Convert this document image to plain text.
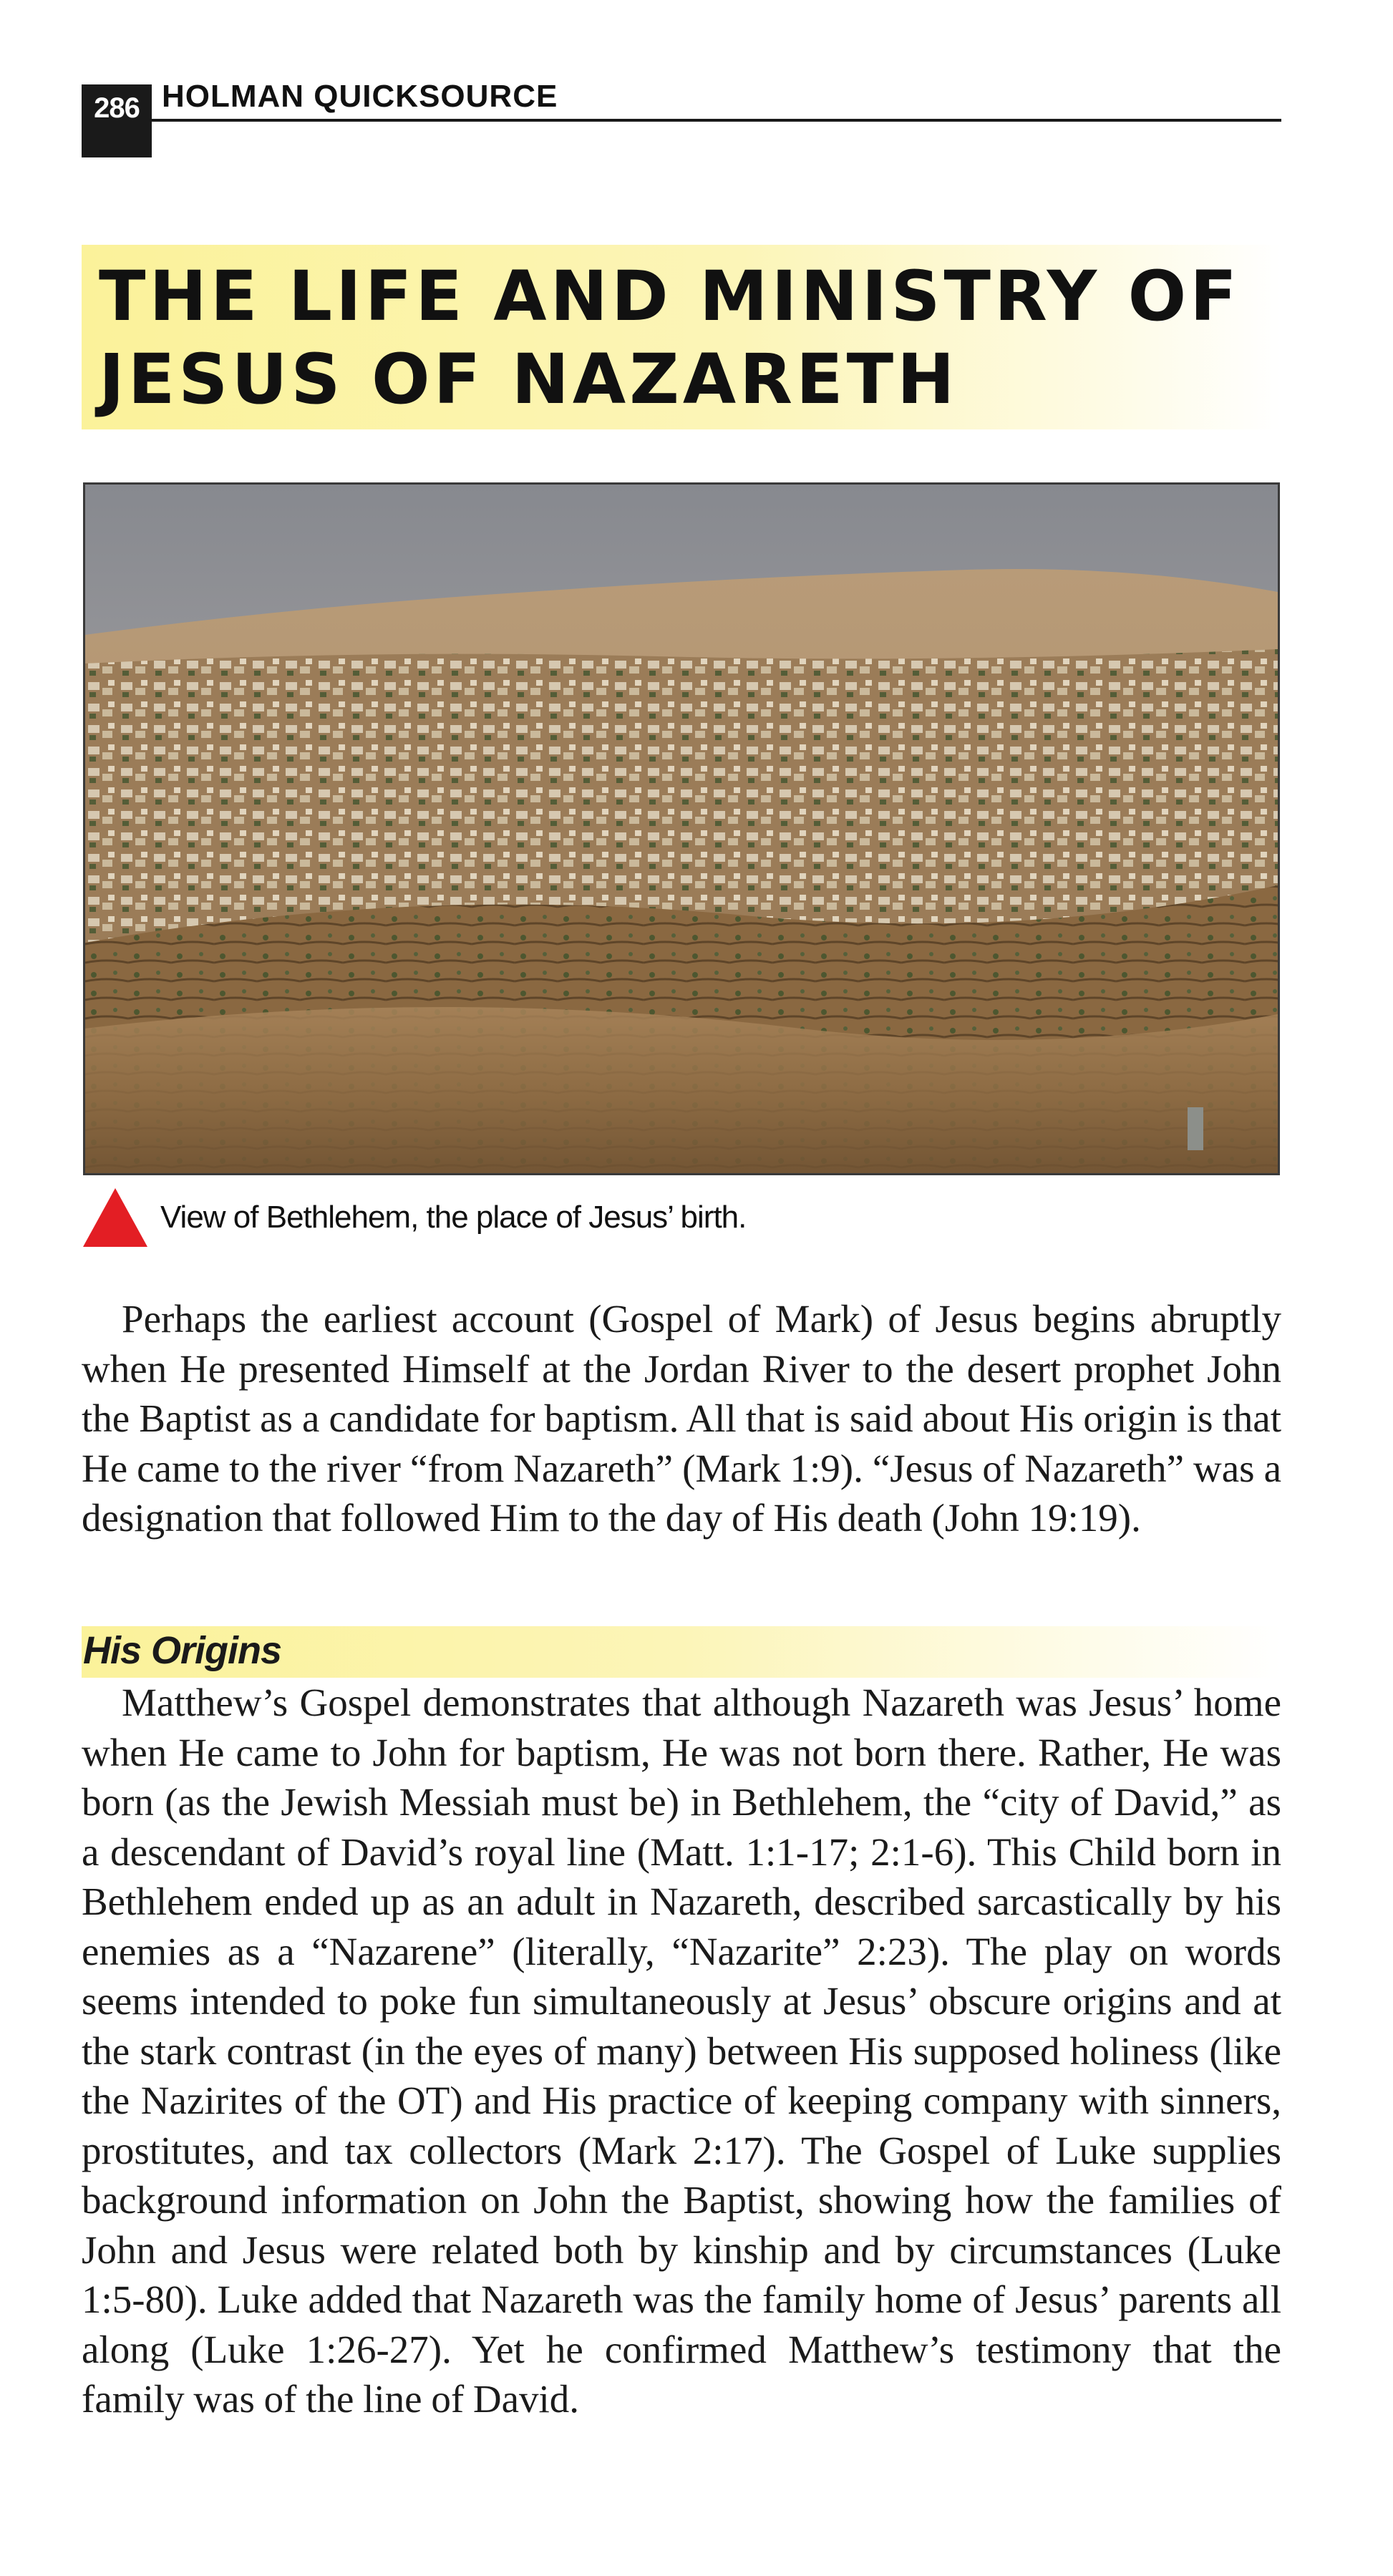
286 HOLMAN QUICKSOURCE
THE LIFE AND MINISTRY OF JESUS OF NAZARETH
View of Bethlehem, the place of Jesus’ birth.

Perhaps the earliest account (Gospel of Mark) of Jesus begins abruptly when He presented Himself at the Jordan River to the desert prophet John the Baptist as a candidate for baptism. All that is said about His origin is that He came to the river “from Nazareth” (Mark 1:9). “Jesus of Nazareth” was a designation that followed Him to the day of His death (John 19:19).

His Origins

Matthew’s Gospel demonstrates that although Nazareth was Jesus’ home when He came to John for baptism, He was not born there. Rather, He was born (as the Jewish Messiah must be) in Bethlehem, the “city of David,” as a descendant of David’s royal line (Matt. 1:1-17; 2:1-6). This Child born in Bethlehem ended up as an adult in Nazareth, described sarcastically by his enemies as a “Nazarene” (literally, “Nazarite” 2:23). The play on words seems intended to poke fun simultaneously at Jesus’ obscure origins and at the stark contrast (in the eyes of many) between His supposed holiness (like the Nazirites of the OT) and His practice of keeping company with sinners, prostitutes, and tax collectors (Mark 2:17). The Gospel of Luke supplies background information on John the Baptist, showing how the families of John and Jesus were related both by kinship and by circumstances (Luke 1:5-80). Luke added that Nazareth was the family home of Jesus’ parents all along (Luke 1:26-27). Yet he confirmed Matthew’s testimony that the family was of the line of David.
